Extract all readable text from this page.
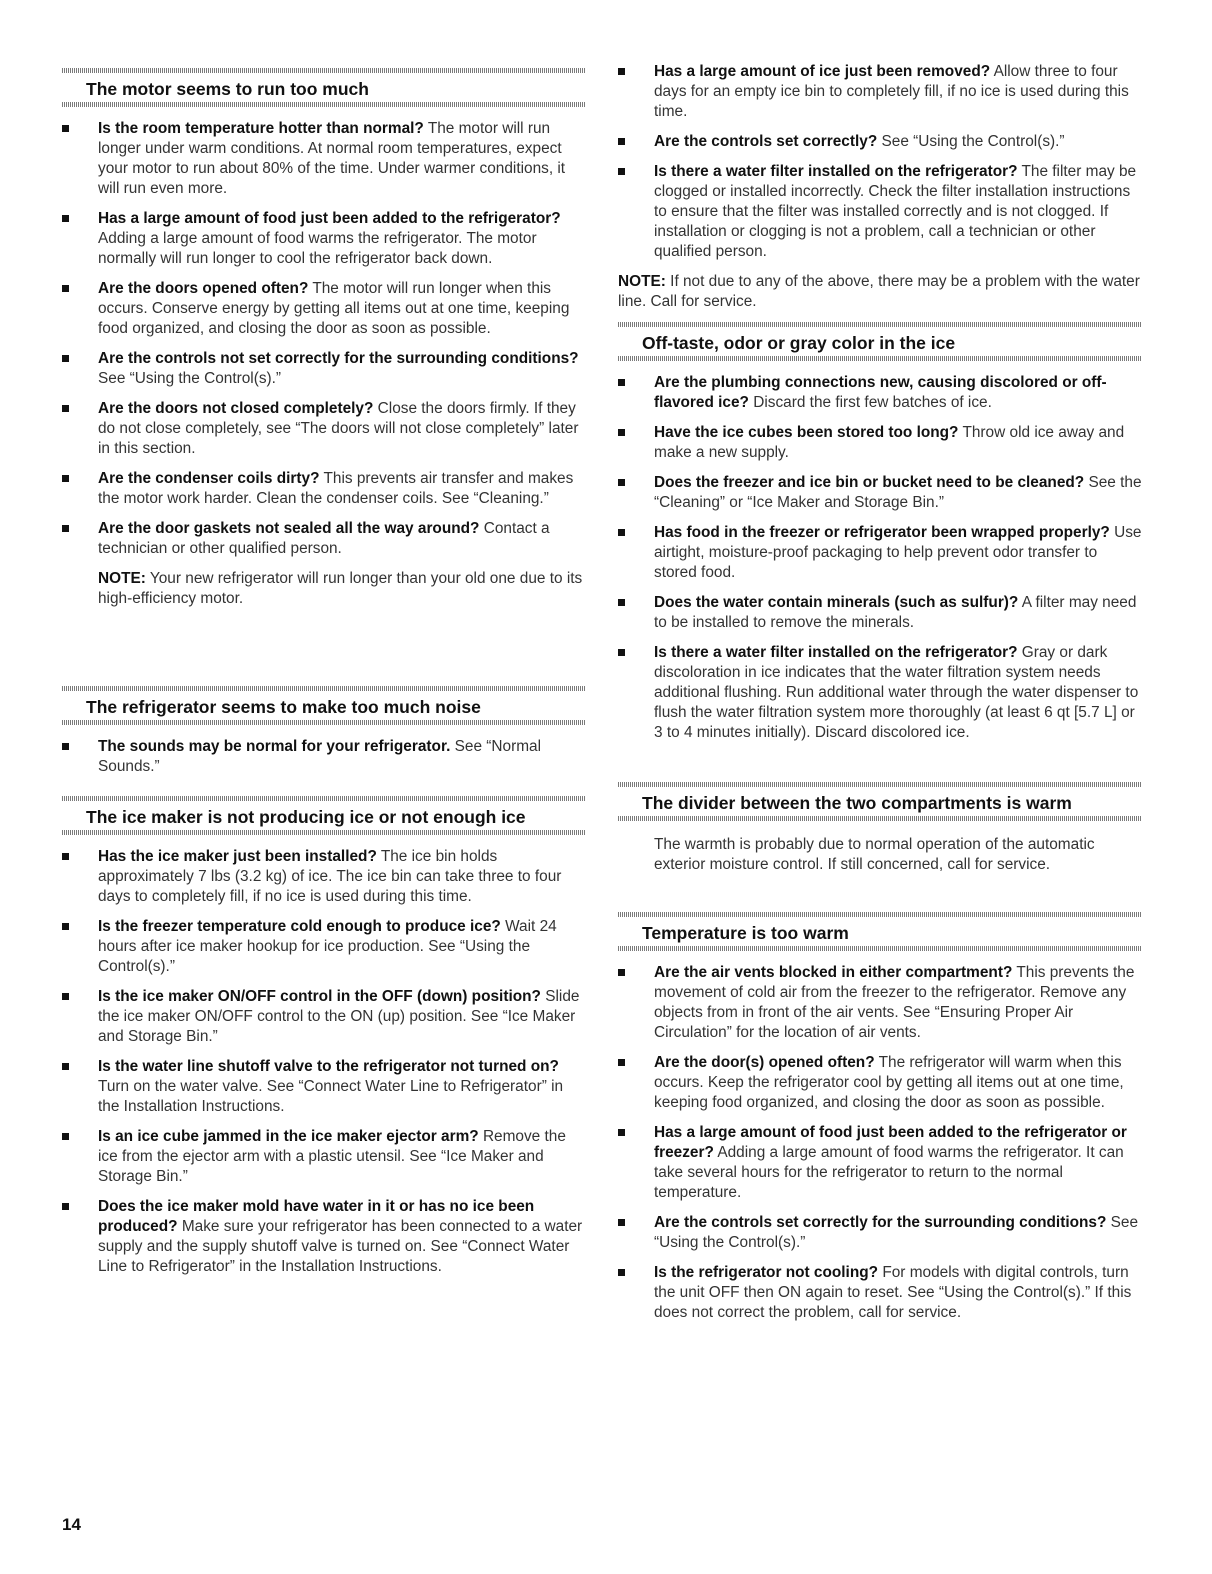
The motor seems to run too much
Is the room temperature hotter than normal? The motor will run longer under warm conditions. At normal room temperatures, expect your motor to run about 80% of the time. Under warmer conditions, it will run even more.
Has a large amount of food just been added to the refrigerator? Adding a large amount of food warms the refrigerator. The motor normally will run longer to cool the refrigerator back down.
Are the doors opened often? The motor will run longer when this occurs. Conserve energy by getting all items out at one time, keeping food organized, and closing the door as soon as possible.
Are the controls not set correctly for the surrounding conditions? See “Using the Control(s).”
Are the doors not closed completely? Close the doors firmly. If they do not close completely, see “The doors will not close completely” later in this section.
Are the condenser coils dirty? This prevents air transfer and makes the motor work harder. Clean the condenser coils. See “Cleaning.”
Are the door gaskets not sealed all the way around? Contact a technician or other qualified person.
NOTE: Your new refrigerator will run longer than your old one due to its high-efficiency motor.
The refrigerator seems to make too much noise
The sounds may be normal for your refrigerator. See “Normal Sounds.”
The ice maker is not producing ice or not enough ice
Has the ice maker just been installed? The ice bin holds approximately 7 lbs (3.2 kg) of ice. The ice bin can take three to four days to completely fill, if no ice is used during this time.
Is the freezer temperature cold enough to produce ice? Wait 24 hours after ice maker hookup for ice production. See “Using the Control(s).”
Is the ice maker ON/OFF control in the OFF (down) position? Slide the ice maker ON/OFF control to the ON (up) position. See “Ice Maker and Storage Bin.”
Is the water line shutoff valve to the refrigerator not turned on? Turn on the water valve. See “Connect Water Line to Refrigerator” in the Installation Instructions.
Is an ice cube jammed in the ice maker ejector arm? Remove the ice from the ejector arm with a plastic utensil. See “Ice Maker and Storage Bin.”
Does the ice maker mold have water in it or has no ice been produced? Make sure your refrigerator has been connected to a water supply and the supply shutoff valve is turned on. See “Connect Water Line to Refrigerator” in the Installation Instructions.
14
Has a large amount of ice just been removed? Allow three to four days for an empty ice bin to completely fill, if no ice is used during this time.
Are the controls set correctly? See “Using the Control(s).”
Is there a water filter installed on the refrigerator? The filter may be clogged or installed incorrectly. Check the filter installation instructions to ensure that the filter was installed correctly and is not clogged. If installation or clogging is not a problem, call a technician or other qualified person.
NOTE: If not due to any of the above, there may be a problem with the water line. Call for service.
Off-taste, odor or gray color in the ice
Are the plumbing connections new, causing discolored or off-flavored ice? Discard the first few batches of ice.
Have the ice cubes been stored too long? Throw old ice away and make a new supply.
Does the freezer and ice bin or bucket need to be cleaned? See the “Cleaning” or “Ice Maker and Storage Bin.”
Has food in the freezer or refrigerator been wrapped properly? Use airtight, moisture-proof packaging to help prevent odor transfer to stored food.
Does the water contain minerals (such as sulfur)? A filter may need to be installed to remove the minerals.
Is there a water filter installed on the refrigerator? Gray or dark discoloration in ice indicates that the water filtration system needs additional flushing. Run additional water through the water dispenser to flush the water filtration system more thoroughly (at least 6 qt [5.7 L] or 3 to 4 minutes initially). Discard discolored ice.
The divider between the two compartments is warm
The warmth is probably due to normal operation of the automatic exterior moisture control. If still concerned, call for service.
Temperature is too warm
Are the air vents blocked in either compartment? This prevents the movement of cold air from the freezer to the refrigerator. Remove any objects from in front of the air vents. See “Ensuring Proper Air Circulation” for the location of air vents.
Are the door(s) opened often? The refrigerator will warm when this occurs. Keep the refrigerator cool by getting all items out at one time, keeping food organized, and closing the door as soon as possible.
Has a large amount of food just been added to the refrigerator or freezer? Adding a large amount of food warms the refrigerator. It can take several hours for the refrigerator to return to the normal temperature.
Are the controls set correctly for the surrounding conditions? See “Using the Control(s).”
Is the refrigerator not cooling? For models with digital controls, turn the unit OFF then ON again to reset. See “Using the Control(s).” If this does not correct the problem, call for service.
